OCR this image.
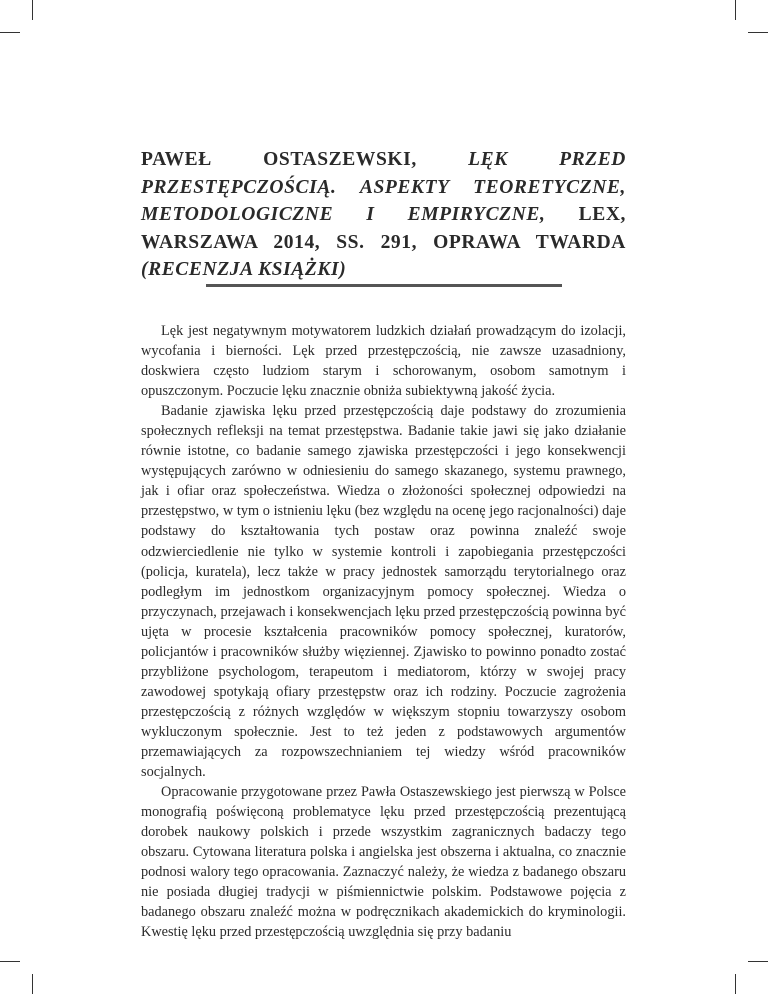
PAWEŁ OSTASZEWSKI, LĘK PRZED PRZESTĘPCZOŚCIĄ. ASPEKTY TEORETYCZNE, METODOLOGICZNE I EMPIRYCZNE, LEX, WARSZAWA 2014, SS. 291, OPRAWA TWARDA (RECENZJA KSIĄŻKI)

Lęk jest negatywnym motywatorem ludzkich działań prowadzącym do izolacji, wycofania i bierności. Lęk przed przestępczością, nie zawsze uzasadniony, doskwiera często ludziom starym i schorowanym, osobom samotnym i opuszczonym. Poczucie lęku znacznie obniża subiektywną jakość życia.

Badanie zjawiska lęku przed przestępczością daje podstawy do zrozumienia społecznych refleksji na temat przestępstwa. Badanie takie jawi się jako działanie równie istotne, co badanie samego zjawiska przestępczości i jego konsekwencji występujących zarówno w odniesieniu do samego skazanego, systemu prawnego, jak i ofiar oraz społeczeństwa. Wiedza o złożoności społecznej odpowiedzi na przestępstwo, w tym o istnieniu lęku (bez względu na ocenę jego racjonalności) daje podstawy do kształtowania tych postaw oraz powinna znaleźć swoje odzwierciedlenie nie tylko w systemie kontroli i zapobiegania przestępczości (policja, kuratela), lecz także w pracy jednostek samorządu terytorialnego oraz podległym im jednostkom organizacyjnym pomocy społecznej. Wiedza o przyczynach, przejawach i konsekwencjach lęku przed przestępczością powinna być ujęta w procesie kształcenia pracowników pomocy społecznej, kuratorów, policjantów i pracowników służby więziennej. Zjawisko to powinno ponadto zostać przybliżone psychologom, terapeutom i mediatorom, którzy w swojej pracy zawodowej spotykają ofiary przestępstw oraz ich rodziny. Poczucie zagrożenia przestępczością z różnych względów w większym stopniu towarzyszy osobom wykluczonym społecznie. Jest to też jeden z podstawowych argumentów przemawiających za rozpowszechnianiem tej wiedzy wśród pracowników socjalnych.

Opracowanie przygotowane przez Pawła Ostaszewskiego jest pierwszą w Polsce monografią poświęconą problematyce lęku przed przestępczością prezentującą dorobek naukowy polskich i przede wszystkim zagranicznych badaczy tego obszaru. Cytowana literatura polska i angielska jest obszerna i aktualna, co znacznie podnosi walory tego opracowania. Zaznaczyć należy, że wiedza z badanego obszaru nie posiada długiej tradycji w piśmiennictwie polskim. Podstawowe pojęcia z badanego obszaru znaleźć można w podręcznikach akademickich do kryminologii. Kwestię lęku przed przestępczością uwzględnia się przy badaniu
